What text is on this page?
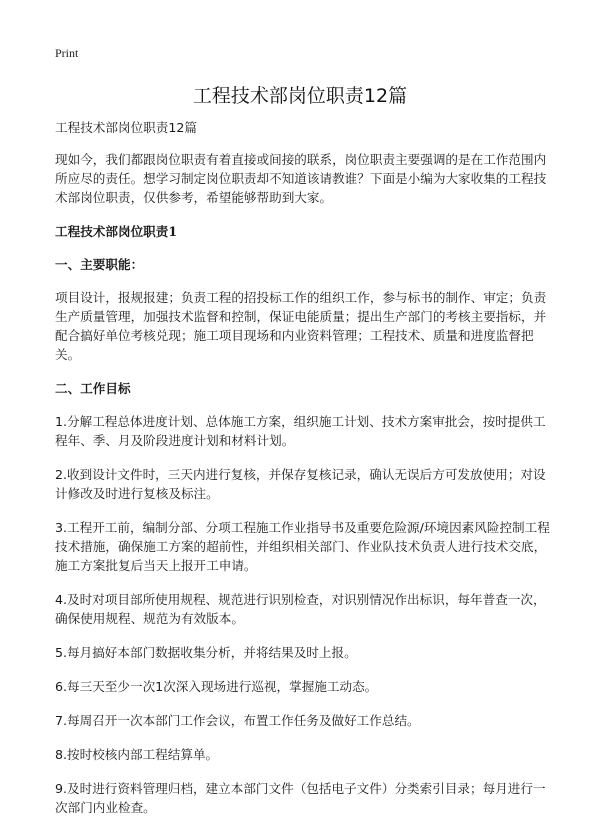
Print
工程技术部岗位职责12篇

工程技术部岗位职责12篇

现如今，我们都跟岗位职责有着直接或间接的联系，岗位职责主要强调的是在工作范围内所应尽的责任。想学习制定岗位职责却不知道该请教谁？下面是小编为大家收集的工程技术部岗位职责，仅供参考，希望能够帮助到大家。

工程技术部岗位职责1

一、主要职能：

项目设计，报规报建；负责工程的招投标工作的组织工作，参与标书的制作、审定；负责生产质量管理，加强技术监督和控制，保证电能质量；提出生产部门的考核主要指标，并配合搞好单位考核兑现；施工项目现场和内业资料管理；工程技术、质量和进度监督把关。

二、工作目标

1.分解工程总体进度计划、总体施工方案，组织施工计划、技术方案审批会，按时提供工程年、季、月及阶段进度计划和材料计划。

2.收到设计文件时，三天内进行复核，并保存复核记录，确认无误后方可发放使用；对设计修改及时进行复核及标注。

3.工程开工前，编制分部、分项工程施工作业指导书及重要危险源/环境因素风险控制工程技术措施，确保施工方案的超前性，并组织相关部门、作业队技术负责人进行技术交底，施工方案批复后当天上报开工申请。

4.及时对项目部所使用规程、规范进行识别检查，对识别情况作出标识，每年普查一次，确保使用规程、规范为有效版本。

5.每月搞好本部门数据收集分析，并将结果及时上报。

6.每三天至少一次1次深入现场进行巡视，掌握施工动态。

7.每周召开一次本部门工作会议，布置工作任务及做好工作总结。

8.按时校核内部工程结算单。

9.及时进行资料管理归档，建立本部门文件（包括电子文件）分类索引目录；每月进行一次部门内业检查。
